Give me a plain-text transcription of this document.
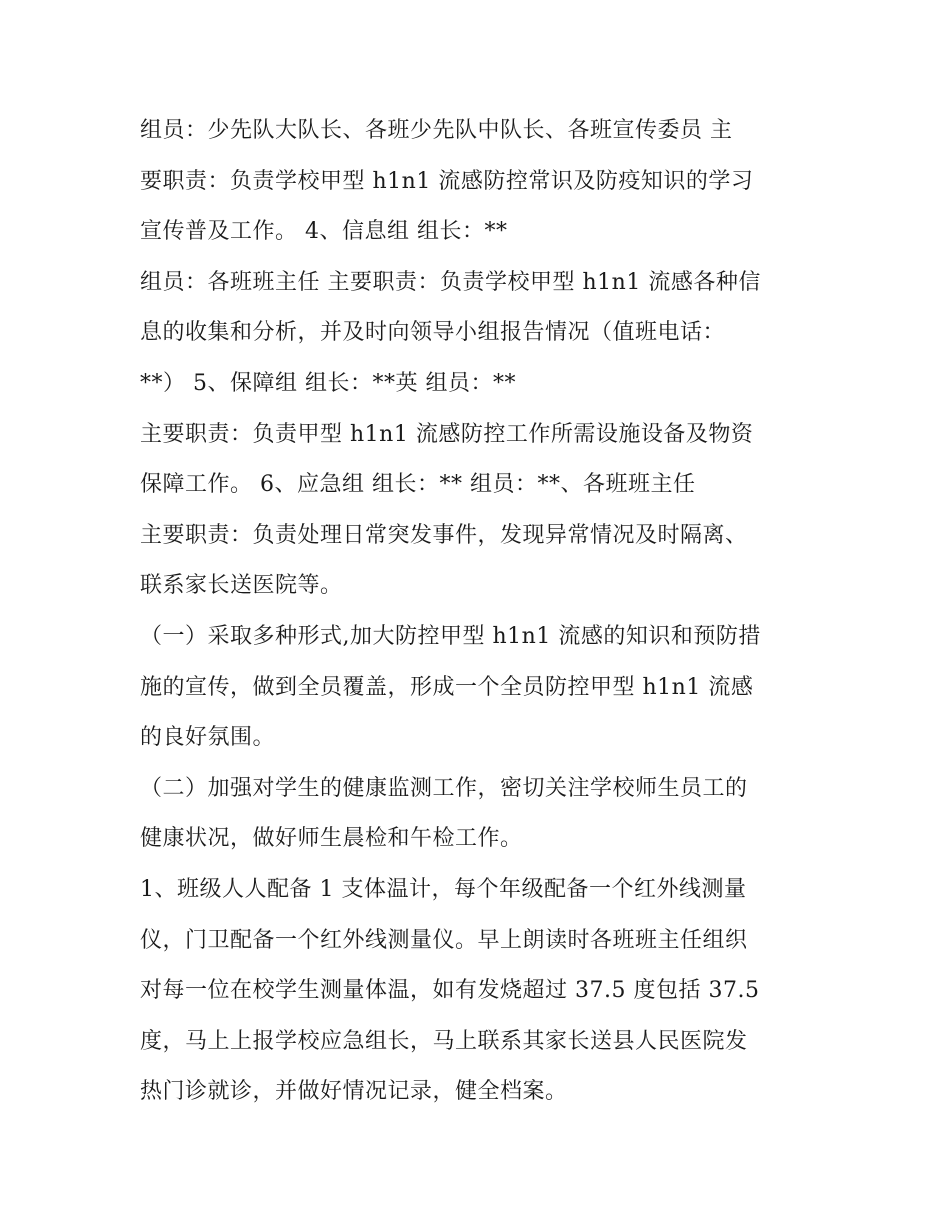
组员：少先队大队长、各班少先队中队长、各班宣传委员 主
要职责：负责学校甲型 h1n1 流感防控常识及防疫知识的学习
宣传普及工作。 4、信息组 组长：**
组员：各班班主任 主要职责：负责学校甲型 h1n1 流感各种信
息的收集和分析，并及时向领导小组报告情况（值班电话：
**） 5、保障组 组长：**英 组员：**
主要职责：负责甲型 h1n1 流感防控工作所需设施设备及物资
保障工作。 6、应急组 组长：** 组员：**、各班班主任
主要职责：负责处理日常突发事件，发现异常情况及时隔离、
联系家长送医院等。
（一）采取多种形式,加大防控甲型 h1n1 流感的知识和预防措
施的宣传，做到全员覆盖，形成一个全员防控甲型 h1n1 流感
的良好氛围。
（二）加强对学生的健康监测工作，密切关注学校师生员工的
健康状况，做好师生晨检和午检工作。
1、班级人人配备 1 支体温计，每个年级配备一个红外线测量
仪，门卫配备一个红外线测量仪。早上朗读时各班班主任组织
对每一位在校学生测量体温，如有发烧超过 37.5 度包括 37.5
度，马上上报学校应急组长，马上联系其家长送县人民医院发
热门诊就诊，并做好情况记录，健全档案。
